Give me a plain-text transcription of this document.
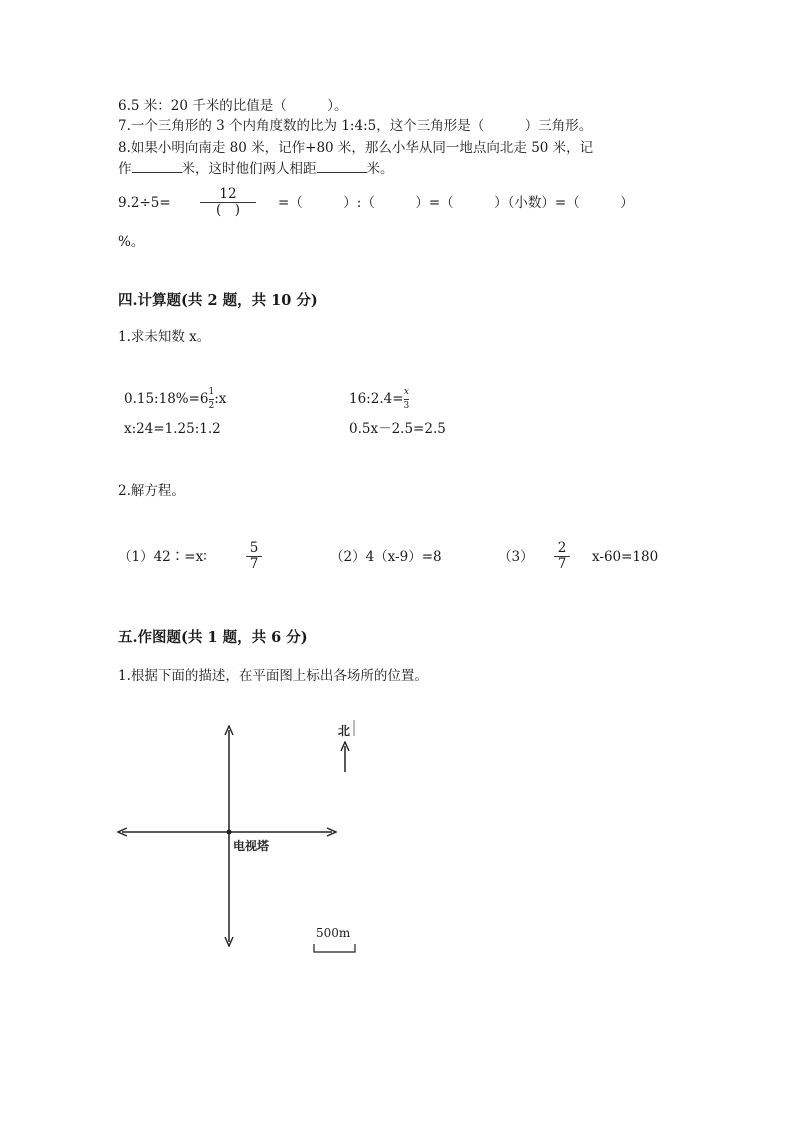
6.5 米：20 千米的比值是（　　　）。
7.一个三角形的 3 个内角度数的比为 1:4:5，这个三角形是（　　　）三角形。
8.如果小明向南走 80 米，记作+80 米，那么小华从同一地点向北走 50 米，记
作	米，这时他们两人相距	米。
9.2÷5=
12
(　)	=（　　　）:（　　　）=（　　　）（小数）=（　　　）
%。
四.计算题(共 2 题，共 10 分)
1.求未知数 x。
0.15:18%=6 $\frac{1}{2}$ :x	16:2.4= $\frac{x}{3}$
x:24=1.25:1.2	0.5x－2.5=2.5
2.解方程。
（1）42∶=x∶
5
7	（2）4（x-9）=8	（3）
2
7 x-60=180
五.作图题(共 1 题，共 6 分)
1.根据下面的描述，在平面图上标出各场所的位置。
电视塔
北
500m
